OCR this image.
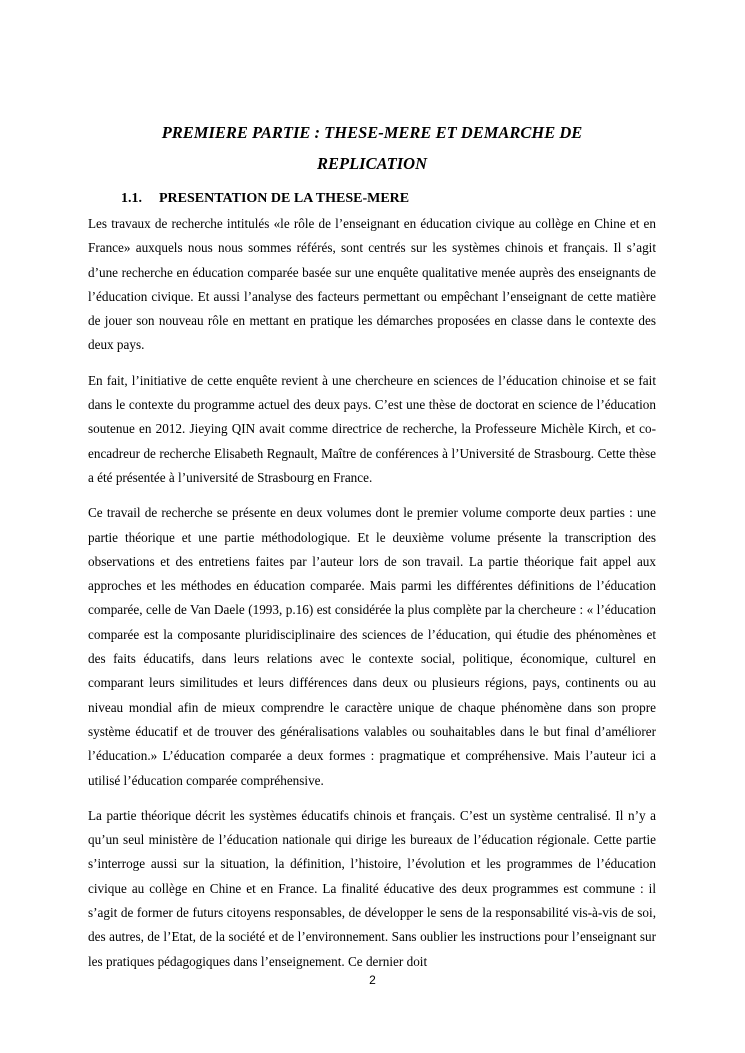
PREMIERE PARTIE : THESE-MERE ET DEMARCHE DE
REPLICATION
1.1. PRESENTATION DE LA THESE-MERE

Les travaux de recherche intitulés «le rôle de l’enseignant en éducation civique au collège en Chine et en France» auxquels nous nous sommes référés, sont centrés sur les systèmes chinois et français. Il s’agit d’une recherche en éducation comparée basée sur une enquête qualitative menée auprès des enseignants de l’éducation civique. Et aussi l’analyse des facteurs permettant ou empêchant l’enseignant de cette matière de jouer son nouveau rôle en mettant en pratique les démarches proposées en classe dans le contexte des deux pays.

En fait, l’initiative de cette enquête revient à une chercheure en sciences de l’éducation chinoise et se fait dans le contexte du programme actuel des deux pays. C’est une thèse de doctorat en science de l’éducation soutenue en 2012. Jieying QIN avait comme directrice de recherche, la Professeure Michèle Kirch, et co-encadreur de recherche Elisabeth Regnault, Maître de conférences à l’Université de Strasbourg. Cette thèse a été présentée à l’université de Strasbourg en France.

Ce travail de recherche se présente en deux volumes dont le premier volume comporte deux parties : une partie théorique et une partie méthodologique. Et le deuxième volume présente la transcription des observations et des entretiens faites par l’auteur lors de son travail. La partie théorique fait appel aux approches et les méthodes en éducation comparée. Mais parmi les différentes définitions de l’éducation comparée, celle de Van Daele (1993, p.16) est considérée la plus complète par la chercheure : « l’éducation comparée est la composante pluridisciplinaire des sciences de l’éducation, qui étudie des phénomènes et des faits éducatifs, dans leurs relations avec le contexte social, politique, économique, culturel en comparant leurs similitudes et leurs différences dans deux ou plusieurs régions, pays, continents ou au niveau mondial afin de mieux comprendre le caractère unique de chaque phénomène dans son propre système éducatif et de trouver des généralisations valables ou souhaitables dans le but final d’améliorer l’éducation.» L’éducation comparée a deux formes : pragmatique et compréhensive. Mais l’auteur ici a utilisé l’éducation comparée compréhensive.

La partie théorique décrit les systèmes éducatifs chinois et français. C’est un système centralisé. Il n’y a qu’un seul ministère de l’éducation nationale qui dirige les bureaux de l’éducation régionale. Cette partie s’interroge aussi sur la situation, la définition, l’histoire, l’évolution et les programmes de l’éducation civique au collège en Chine et en France. La finalité éducative des deux programmes est commune : il s’agit de former de futurs citoyens responsables, de développer le sens de la responsabilité vis-à-vis de soi, des autres, de l’Etat, de la société et de l’environnement. Sans oublier les instructions pour l’enseignant sur les pratiques pédagogiques dans l’enseignement. Ce dernier doit

2
